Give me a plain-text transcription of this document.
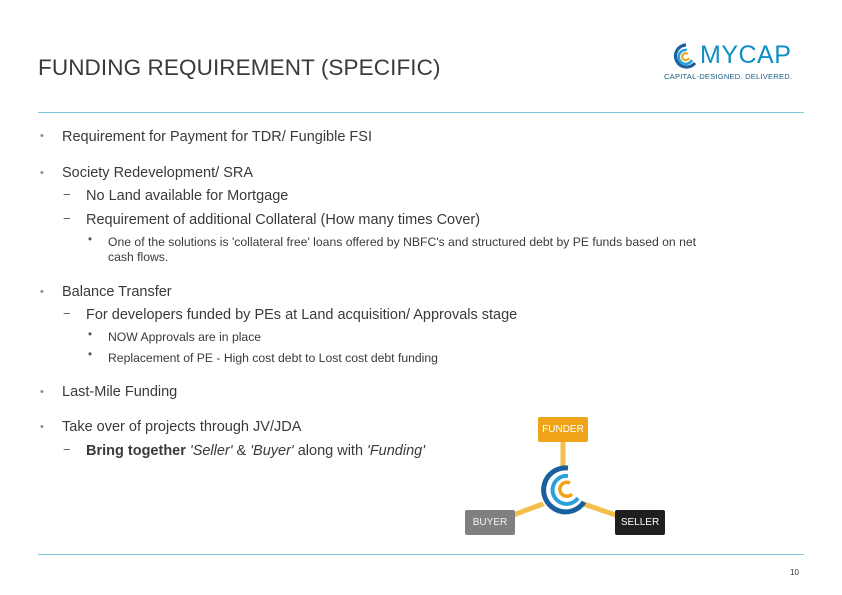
FUNDING REQUIREMENT (SPECIFIC)	MYCAP
CAPITAL-DESIGNED. DELIVERED.
• Requirement for Payment for TDR/ Fungible FSI
• Society Redevelopment/ SRA
− No Land available for Mortgage
− Requirement of additional Collateral (How many times Cover)
• One of the solutions is 'collateral free' loans offered by NBFC's and structured debt by PE funds based on net
cash flows.
• Balance Transfer
− For developers funded by PEs at Land acquisition/ Approvals stage
• NOW Approvals are in place
• Replacement of PE - High cost debt to Lost cost debt funding
• Last-Mile Funding
• Take over of projects through JV/JDA
− Bring together 'Seller' & 'Buyer' along with 'Funding'
FUNDER
BUYER	SELLER
10
